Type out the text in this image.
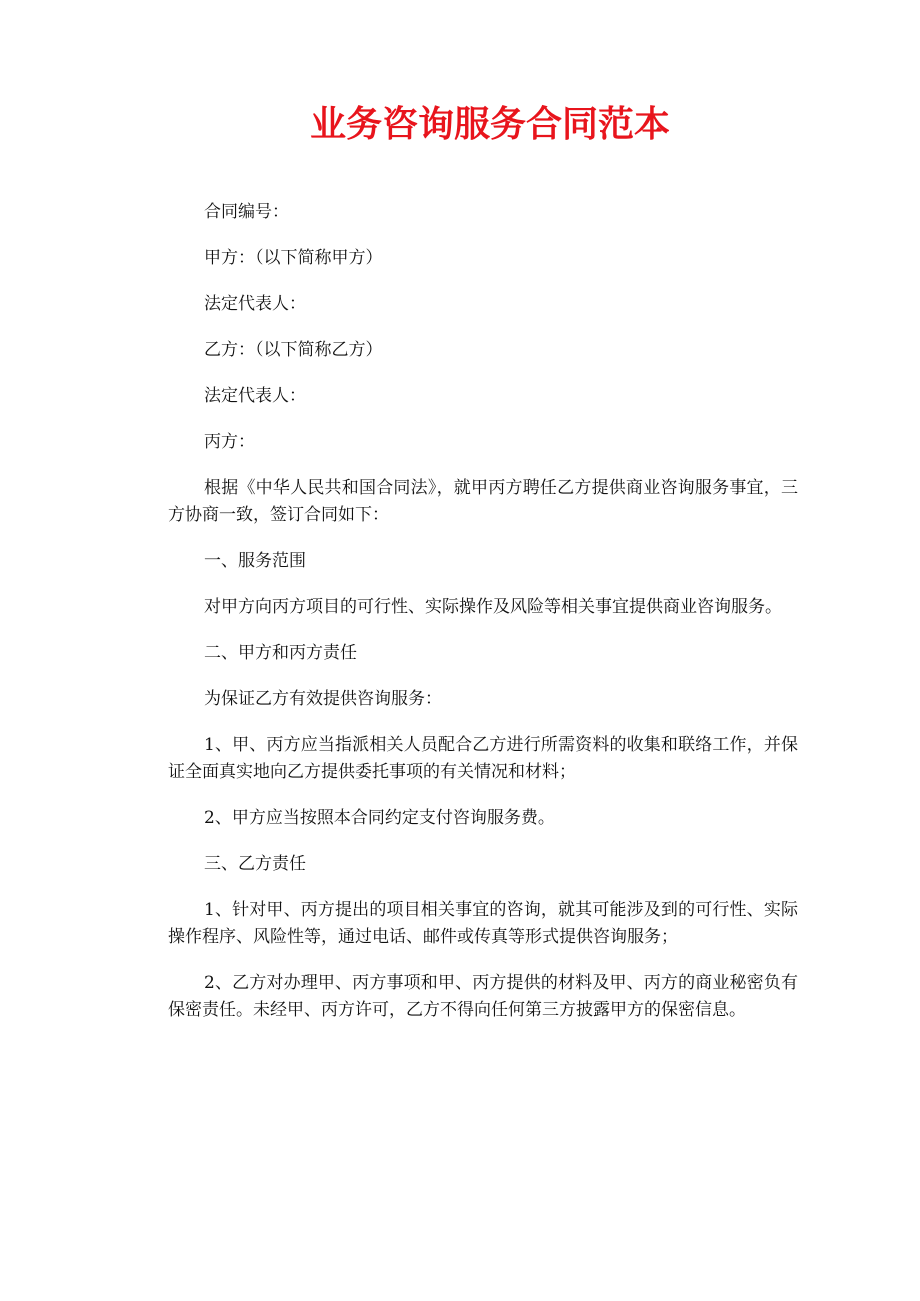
业务咨询服务合同范本

合同编号：

甲方：（以下简称甲方）

法定代表人：

乙方：（以下简称乙方）

法定代表人：

丙方：

根据《中华人民共和国合同法》，就甲丙方聘任乙方提供商业咨询服务事宜，三方协商一致，签订合同如下：

一、服务范围

对甲方向丙方项目的可行性、实际操作及风险等相关事宜提供商业咨询服务。

二、甲方和丙方责任

为保证乙方有效提供咨询服务：

1、甲、丙方应当指派相关人员配合乙方进行所需资料的收集和联络工作，并保证全面真实地向乙方提供委托事项的有关情况和材料；

2、甲方应当按照本合同约定支付咨询服务费。

三、乙方责任

1、针对甲、丙方提出的项目相关事宜的咨询，就其可能涉及到的可行性、实际操作程序、风险性等，通过电话、邮件或传真等形式提供咨询服务；

2、乙方对办理甲、丙方事项和甲、丙方提供的材料及甲、丙方的商业秘密负有保密责任。未经甲、丙方许可，乙方不得向任何第三方披露甲方的保密信息。
